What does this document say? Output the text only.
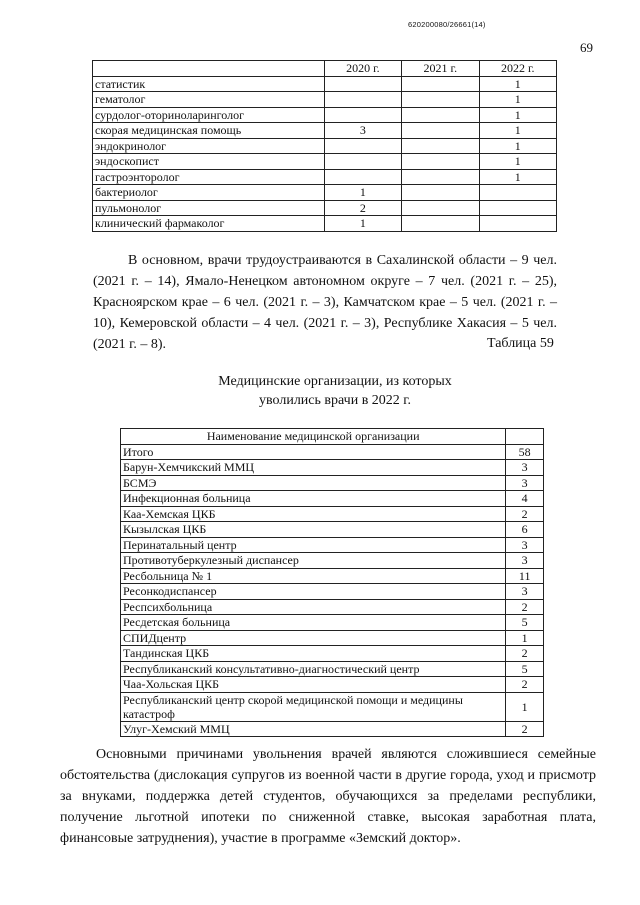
620200080/26661(14)
69
	2020 г.	2021 г.	2022 г.
статистик			1
гематолог			1
сурдолог-оториноларинголог			1
скорая медицинская помощь	3		1
эндокринолог			1
эндоскопист			1
гастроэнторолог			1
бактериолог	1		
пульмонолог	2		
клинический фармаколог	1		

В основном, врачи трудоустраиваются в Сахалинской области – 9 чел. (2021 г. – 14), Ямало-Ненецком автономном округе – 7 чел. (2021 г. – 25), Красноярском крае – 6 чел. (2021 г. – 3), Камчатском крае – 5 чел. (2021 г. – 10), Кемеровской области – 4 чел. (2021 г. – 3), Республике Хакасия – 5 чел. (2021 г. – 8).	Таблица 59
Медицинские организации, из которых
уволились врачи в 2022 г.
Наименование медицинской организации	
Итого	58
Барун-Хемчикский ММЦ	3
БСМЭ	3
Инфекционная больница	4
Каа-Хемская ЦКБ	2
Кызылская ЦКБ	6
Перинатальный центр	3
Противотуберкулезный диспансер	3
Ресбольница № 1	11
Ресонкодиспансер	3
Респсихбольница	2
Ресдетская больница	5
СПИДцентр	1
Тандинская ЦКБ	2
Республиканский консультативно-диагностический центр	5
Чаа-Хольская ЦКБ	2
Республиканский центр скорой медицинской помощи и медицины катастроф	1
Улуг-Хемский ММЦ	2

Основными причинами увольнения врачей являются сложившиеся семейные обстоятельства (дислокация супругов из военной части в другие города, уход и присмотр за внуками, поддержка детей студентов, обучающихся за пределами республики, получение льготной ипотеки по сниженной ставке, высокая заработная плата, финансовые затруднения), участие в программе «Земский доктор».
